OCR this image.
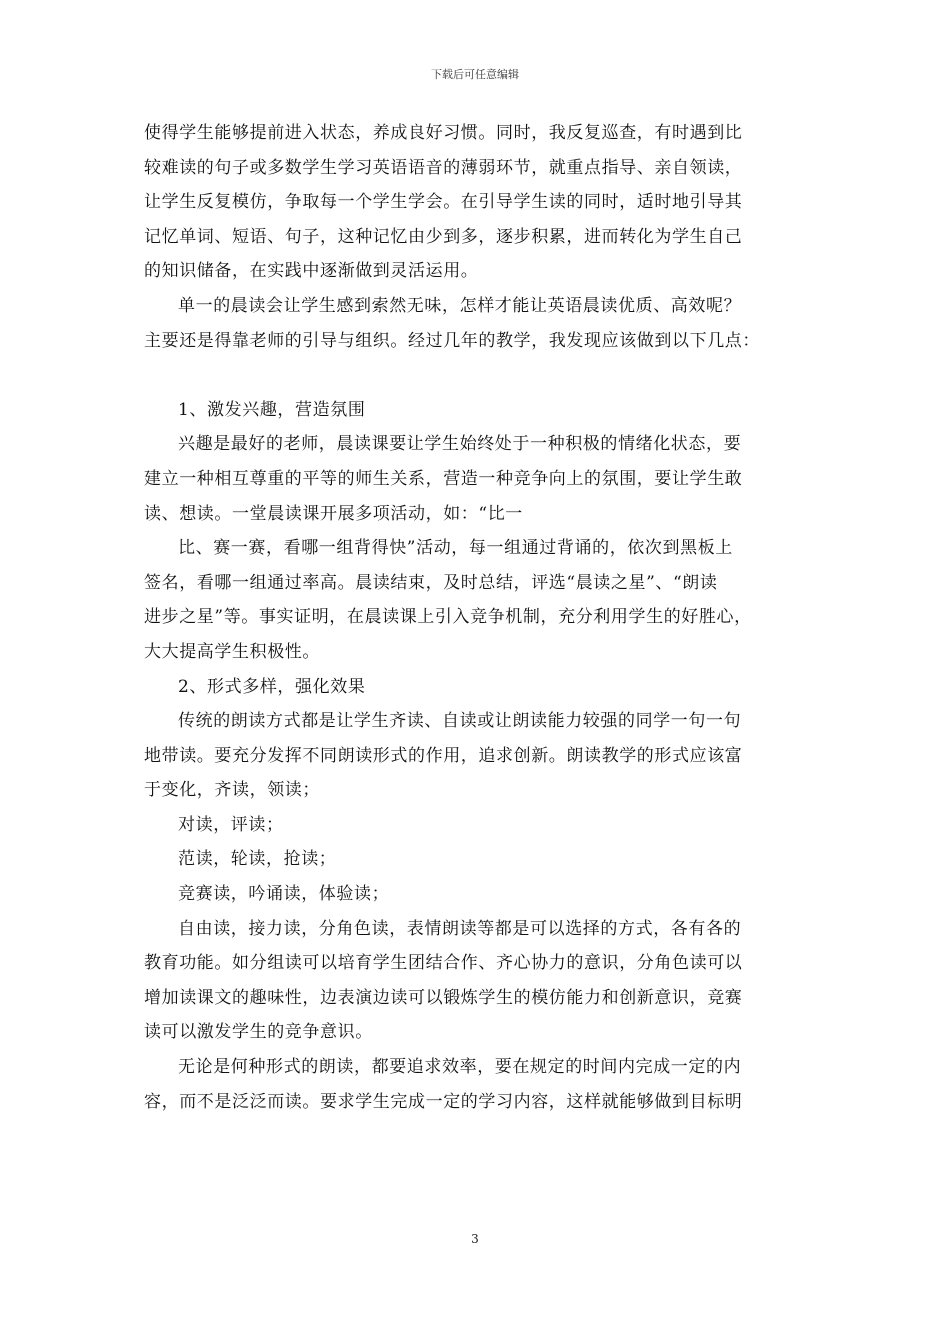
下载后可任意编辑

使得学生能够提前进入状态，养成良好习惯。同时，我反复巡查，有时遇到比

较难读的句子或多数学生学习英语语音的薄弱环节，就重点指导、亲自领读，

让学生反复模仿，争取每一个学生学会。在引导学生读的同时，适时地引导其

记忆单词、短语、句子，这种记忆由少到多，逐步积累，进而转化为学生自己

的知识储备，在实践中逐渐做到灵活运用。

单一的晨读会让学生感到索然无味，怎样才能让英语晨读优质、高效呢？

主要还是得靠老师的引导与组织。经过几年的教学，我发现应该做到以下几点：

1、激发兴趣，营造氛围

兴趣是最好的老师，晨读课要让学生始终处于一种积极的情绪化状态，要

建立一种相互尊重的平等的师生关系，营造一种竞争向上的氛围，要让学生敢

读、想读。一堂晨读课开展多项活动，如：“比一

比、赛一赛，看哪一组背得快”活动，每一组通过背诵的，依次到黑板上

签名，看哪一组通过率高。晨读结束，及时总结，评选“晨读之星”、“朗读

进步之星”等。事实证明，在晨读课上引入竞争机制，充分利用学生的好胜心，

大大提高学生积极性。

2、形式多样，强化效果

传统的朗读方式都是让学生齐读、自读或让朗读能力较强的同学一句一句

地带读。要充分发挥不同朗读形式的作用，追求创新。朗读教学的形式应该富

于变化，齐读，领读；

对读，评读；

范读，轮读，抢读；

竞赛读，吟诵读，体验读；

自由读，接力读，分角色读，表情朗读等都是可以选择的方式，各有各的

教育功能。如分组读可以培育学生团结合作、齐心协力的意识，分角色读可以

增加读课文的趣味性，边表演边读可以锻炼学生的模仿能力和创新意识，竞赛

读可以激发学生的竞争意识。

无论是何种形式的朗读，都要追求效率，要在规定的时间内完成一定的内

容，而不是泛泛而读。要求学生完成一定的学习内容，这样就能够做到目标明

3
